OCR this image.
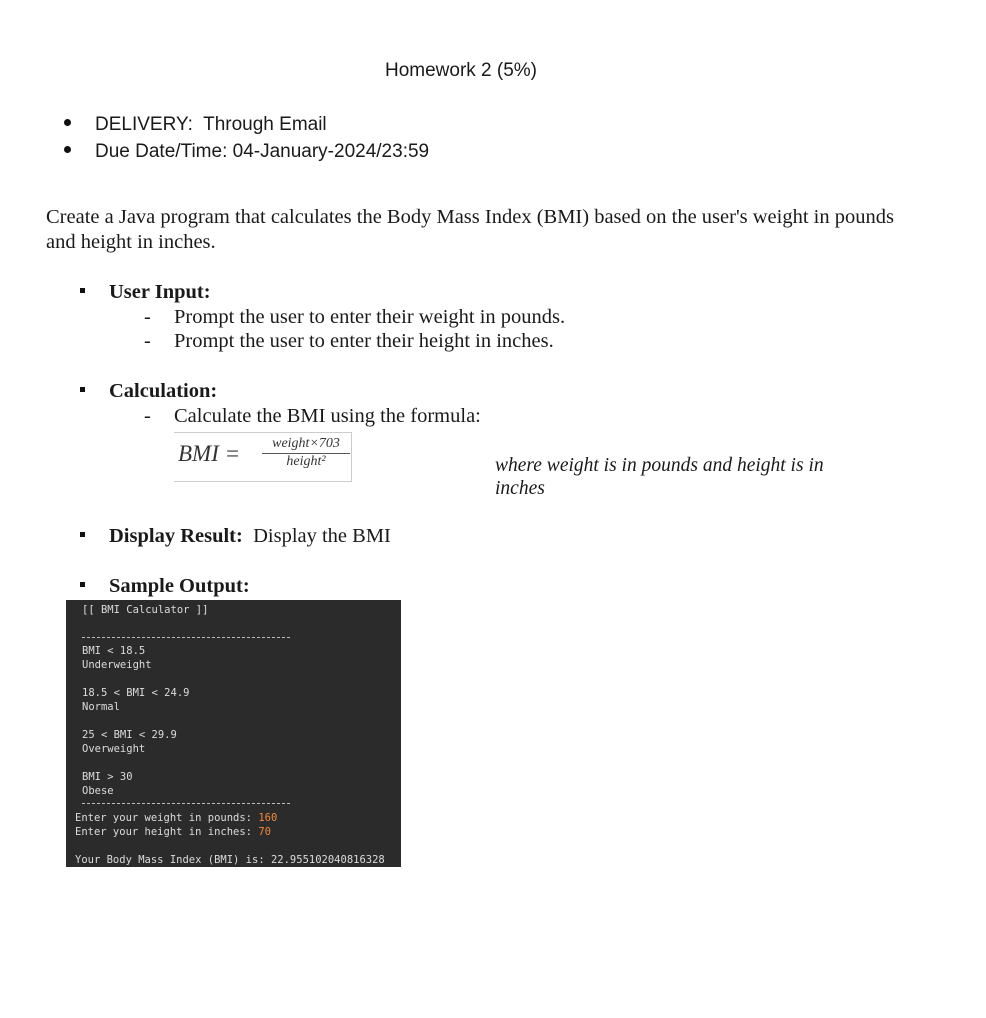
Homework 2 (5%)
DELIVERY: Through Email
Due Date/Time: 04-January-2024/23:59
Create a Java program that calculates the Body Mass Index (BMI) based on the user's weight in pounds and height in inches.
User Input:
- Prompt the user to enter their weight in pounds.
- Prompt the user to enter their height in inches.
Calculation:
- Calculate the BMI using the formula:
BMI =	weight×703
height²	where weight is in pounds and height is in inches
Display Result: Display the BMI
Sample Output:
[[ BMI Calculator ]]
BMI < 18.5
Underweight
18.5 < BMI < 24.9
Normal
25 < BMI < 29.9
Overweight
BMI > 30
Obese
Enter your weight in pounds: 160
Enter your height in inches: 70
Your Body Mass Index (BMI) is: 22.955102040816328
